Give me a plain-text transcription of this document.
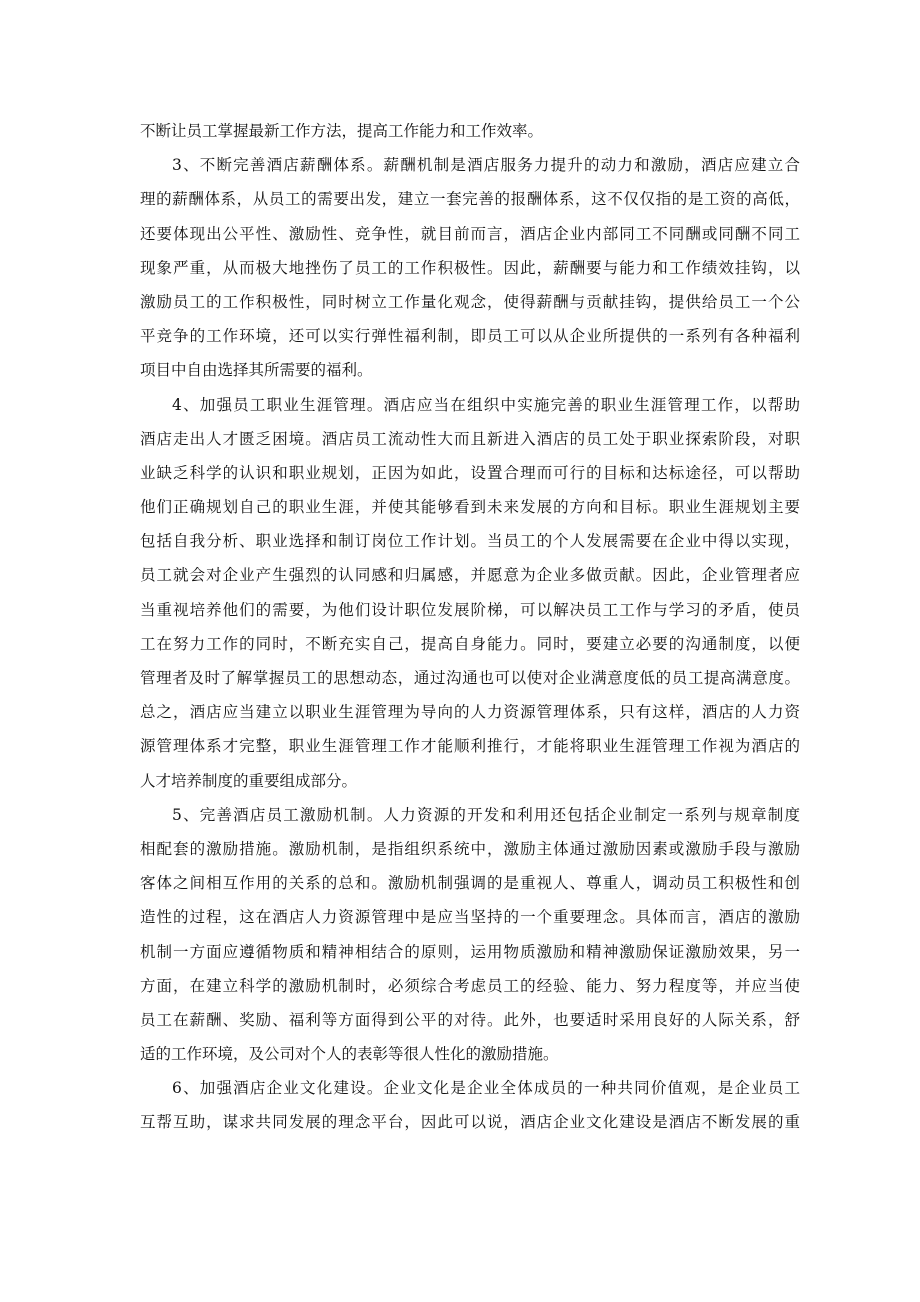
不断让员工掌握最新工作方法，提高工作能力和工作效率。
3、不断完善酒店薪酬体系。薪酬机制是酒店服务力提升的动力和激励，酒店应建立合
理的薪酬体系，从员工的需要出发，建立一套完善的报酬体系，这不仅仅指的是工资的高低，
还要体现出公平性、激励性、竞争性，就目前而言，酒店企业内部同工不同酬或同酬不同工
现象严重，从而极大地挫伤了员工的工作积极性。因此，薪酬要与能力和工作绩效挂钩，以
激励员工的工作积极性，同时树立工作量化观念，使得薪酬与贡献挂钩，提供给员工一个公
平竞争的工作环境，还可以实行弹性福利制，即员工可以从企业所提供的一系列有各种福利
项目中自由选择其所需要的福利。
4、加强员工职业生涯管理。酒店应当在组织中实施完善的职业生涯管理工作，以帮助
酒店走出人才匮乏困境。酒店员工流动性大而且新进入酒店的员工处于职业探索阶段，对职
业缺乏科学的认识和职业规划，正因为如此，设置合理而可行的目标和达标途径，可以帮助
他们正确规划自己的职业生涯，并使其能够看到未来发展的方向和目标。职业生涯规划主要
包括自我分析、职业选择和制订岗位工作计划。当员工的个人发展需要在企业中得以实现，
员工就会对企业产生强烈的认同感和归属感，并愿意为企业多做贡献。因此，企业管理者应
当重视培养他们的需要，为他们设计职位发展阶梯，可以解决员工工作与学习的矛盾，使员
工在努力工作的同时，不断充实自己，提高自身能力。同时，要建立必要的沟通制度，以便
管理者及时了解掌握员工的思想动态，通过沟通也可以使对企业满意度低的员工提高满意度。
总之，酒店应当建立以职业生涯管理为导向的人力资源管理体系，只有这样，酒店的人力资
源管理体系才完整，职业生涯管理工作才能顺利推行，才能将职业生涯管理工作视为酒店的
人才培养制度的重要组成部分。
5、完善酒店员工激励机制。人力资源的开发和利用还包括企业制定一系列与规章制度
相配套的激励措施。激励机制，是指组织系统中，激励主体通过激励因素或激励手段与激励
客体之间相互作用的关系的总和。激励机制强调的是重视人、尊重人，调动员工积极性和创
造性的过程，这在酒店人力资源管理中是应当坚持的一个重要理念。具体而言，酒店的激励
机制一方面应遵循物质和精神相结合的原则，运用物质激励和精神激励保证激励效果，另一
方面，在建立科学的激励机制时，必须综合考虑员工的经验、能力、努力程度等，并应当使
员工在薪酬、奖励、福利等方面得到公平的对待。此外，也要适时采用良好的人际关系，舒
适的工作环境，及公司对个人的表彰等很人性化的激励措施。
6、加强酒店企业文化建设。企业文化是企业全体成员的一种共同价值观，是企业员工
互帮互助，谋求共同发展的理念平台，因此可以说，酒店企业文化建设是酒店不断发展的重
